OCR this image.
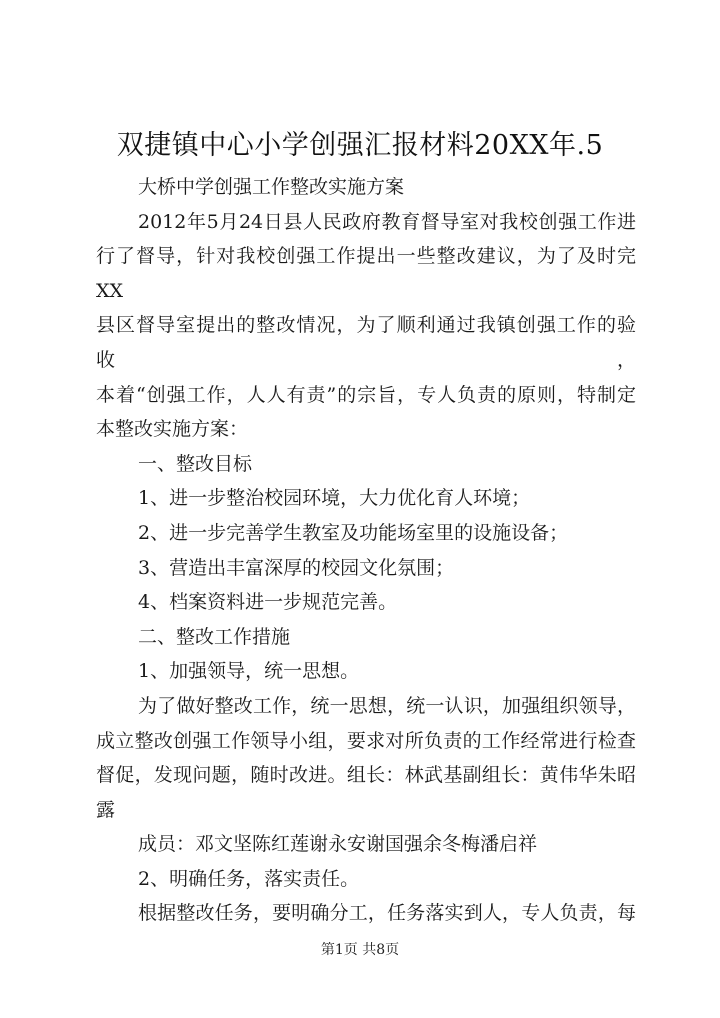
双捷镇中心小学创强汇报材料20XX年.5
大桥中学创强工作整改实施方案
2012年5月24日县人民政府教育督导室对我校创强工作进
行了督导，针对我校创强工作提出一些整改建议，为了及时完XX
县区督导室提出的整改情况，为了顺利通过我镇创强工作的验收，
本着“创强工作，人人有责”的宗旨，专人负责的原则，特制定
本整改实施方案：
一、整改目标
1、进一步整治校园环境，大力优化育人环境；
2、进一步完善学生教室及功能场室里的设施设备；
3、营造出丰富深厚的校园文化氛围；
4、档案资料进一步规范完善。
二、整改工作措施
1、加强领导，统一思想。
为了做好整改工作，统一思想，统一认识，加强组织领导，
成立整改创强工作领导小组，要求对所负责的工作经常进行检查
督促，发现问题，随时改进。组长：林武基副组长：黄伟华朱昭
露
成员：邓文坚陈红莲谢永安谢国强余冬梅潘启祥
2、明确任务，落实责任。
根据整改任务，要明确分工，任务落实到人，专人负责，每
第1页 共8页
